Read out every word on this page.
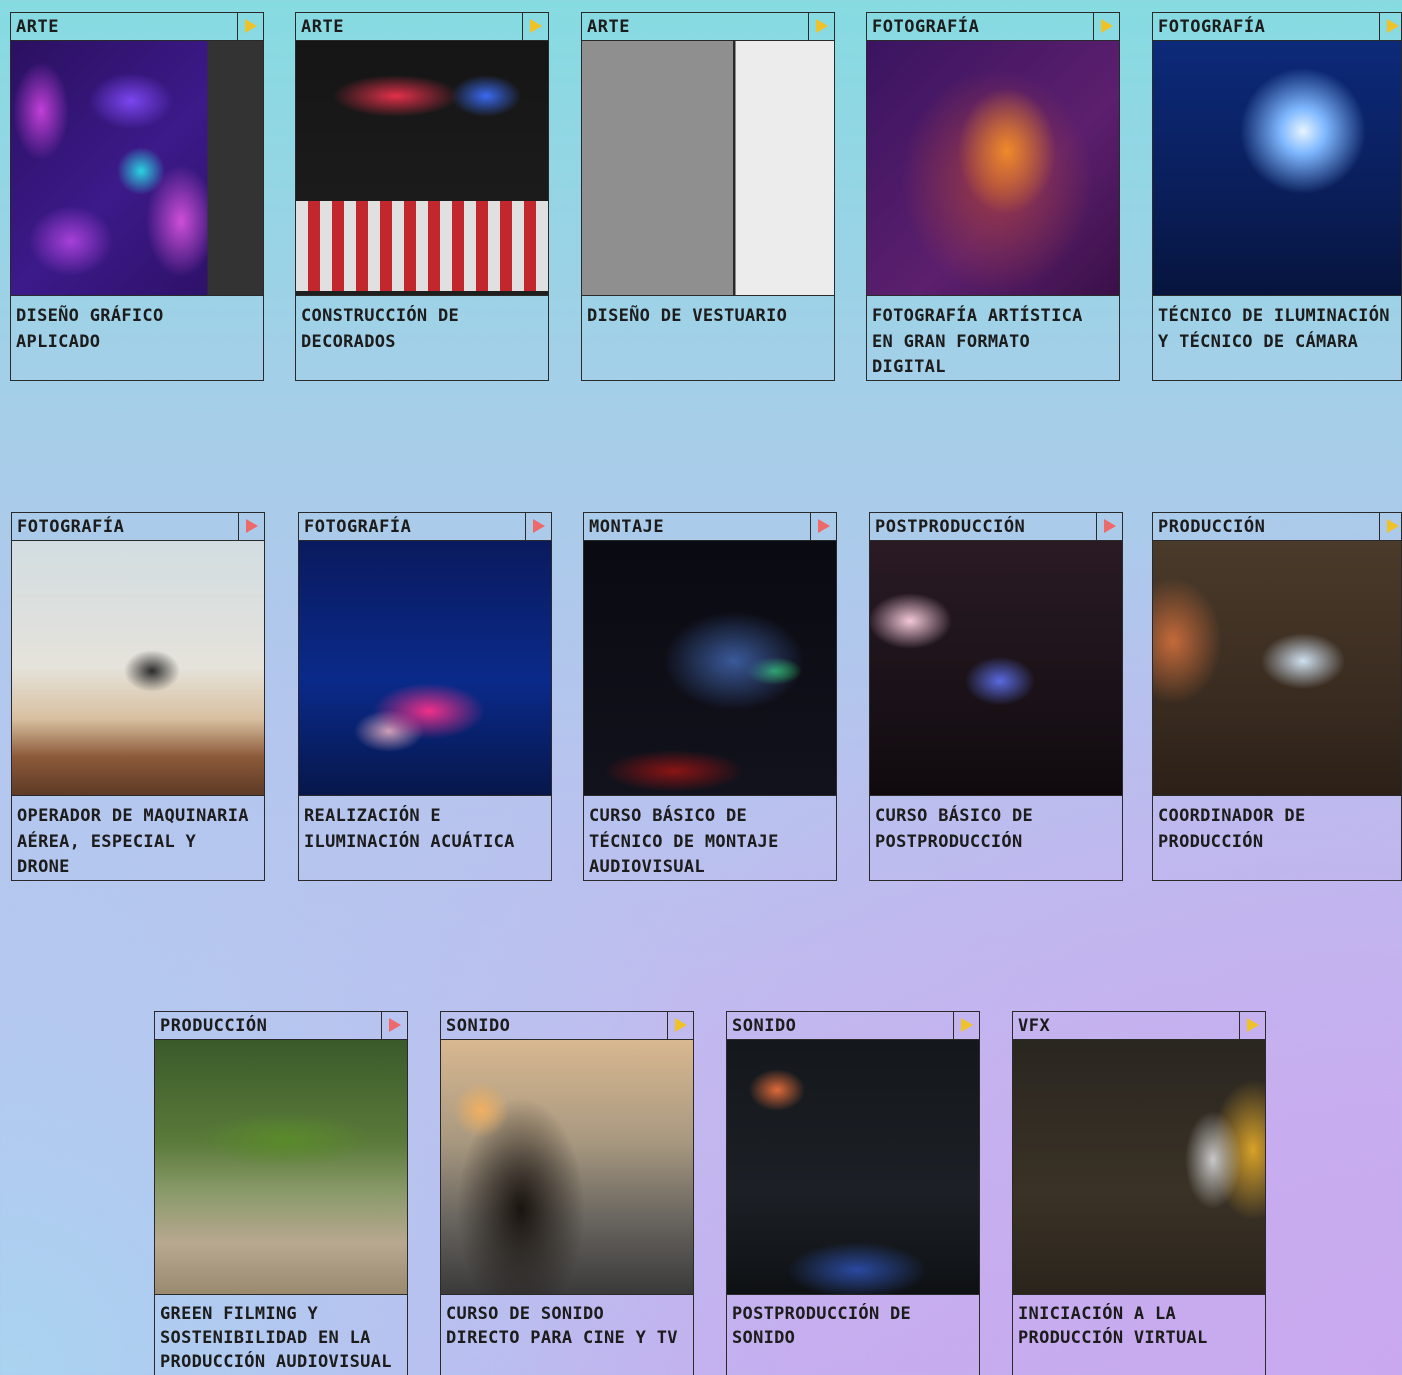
ARTE
DISEÑO GRÁFICO APLICADO
ARTE
CONSTRUCCIÓN DE DECORADOS
ARTE
DISEÑO DE VESTUARIO
FOTOGRAFÍA
FOTOGRAFÍA ARTÍSTICA EN GRAN FORMATO DIGITAL
FOTOGRAFÍA
TÉCNICO DE ILUMINACIÓN Y TÉCNICO DE CÁMARA
FOTOGRAFÍA
OPERADOR DE MAQUINARIA AÉREA, ESPECIAL Y DRONE
FOTOGRAFÍA
REALIZACIÓN E ILUMINACIÓN ACUÁTICA
MONTAJE
CURSO BÁSICO DE TÉCNICO DE MONTAJE AUDIOVISUAL
POSTPRODUCCIÓN
CURSO BÁSICO DE POSTPRODUCCIÓN
PRODUCCIÓN
COORDINADOR DE PRODUCCIÓN
PRODUCCIÓN
GREEN FILMING Y SOSTENIBILIDAD EN LA PRODUCCIÓN AUDIOVISUAL
SONIDO
CURSO DE SONIDO DIRECTO PARA CINE Y TV
SONIDO
POSTPRODUCCIÓN DE SONIDO
VFX
INICIACIÓN A LA PRODUCCIÓN VIRTUAL
